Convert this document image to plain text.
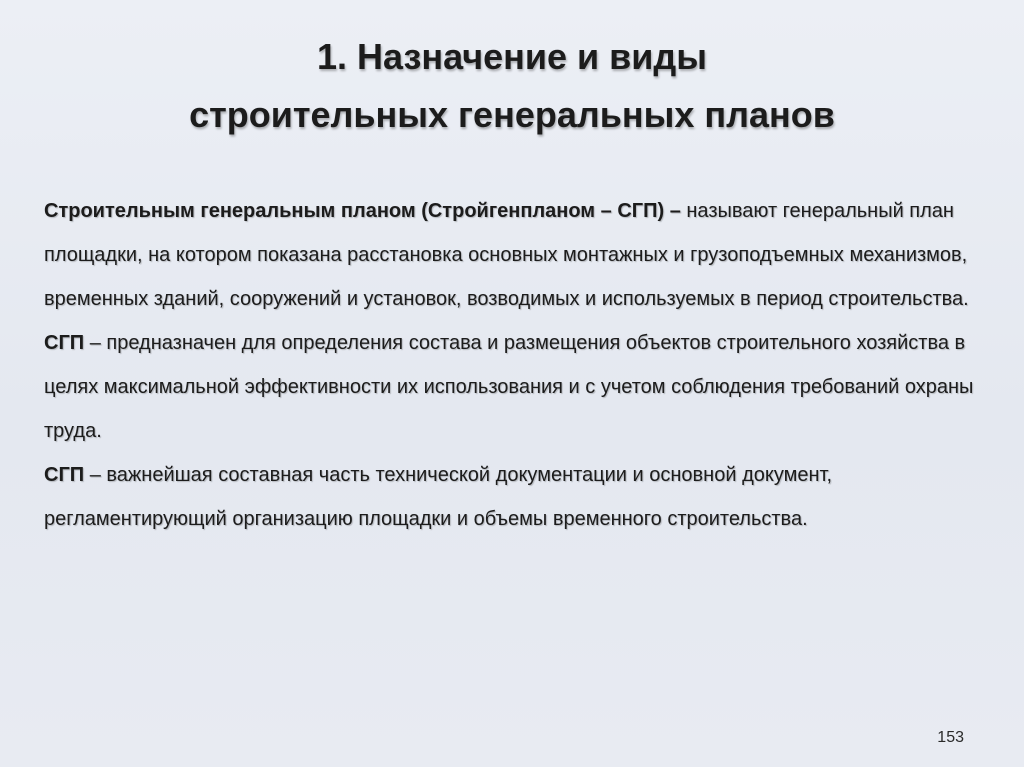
1. Назначение и виды
строительных генеральных планов

Строительным генеральным планом (Стройгенпланом – СГП) – называют генеральный план площадки, на котором показана расстановка основных монтажных и грузоподъемных механизмов, временных зданий, сооружений и установок, возводимых и используемых в период строительства.

СГП – предназначен для определения состава и размещения объектов строительного хозяйства в целях максимальной эффективности их использования и с учетом соблюдения требований охраны труда.

СГП – важнейшая составная часть технической документации и основной документ, регламентирующий организацию площадки и объемы временного строительства.

153
